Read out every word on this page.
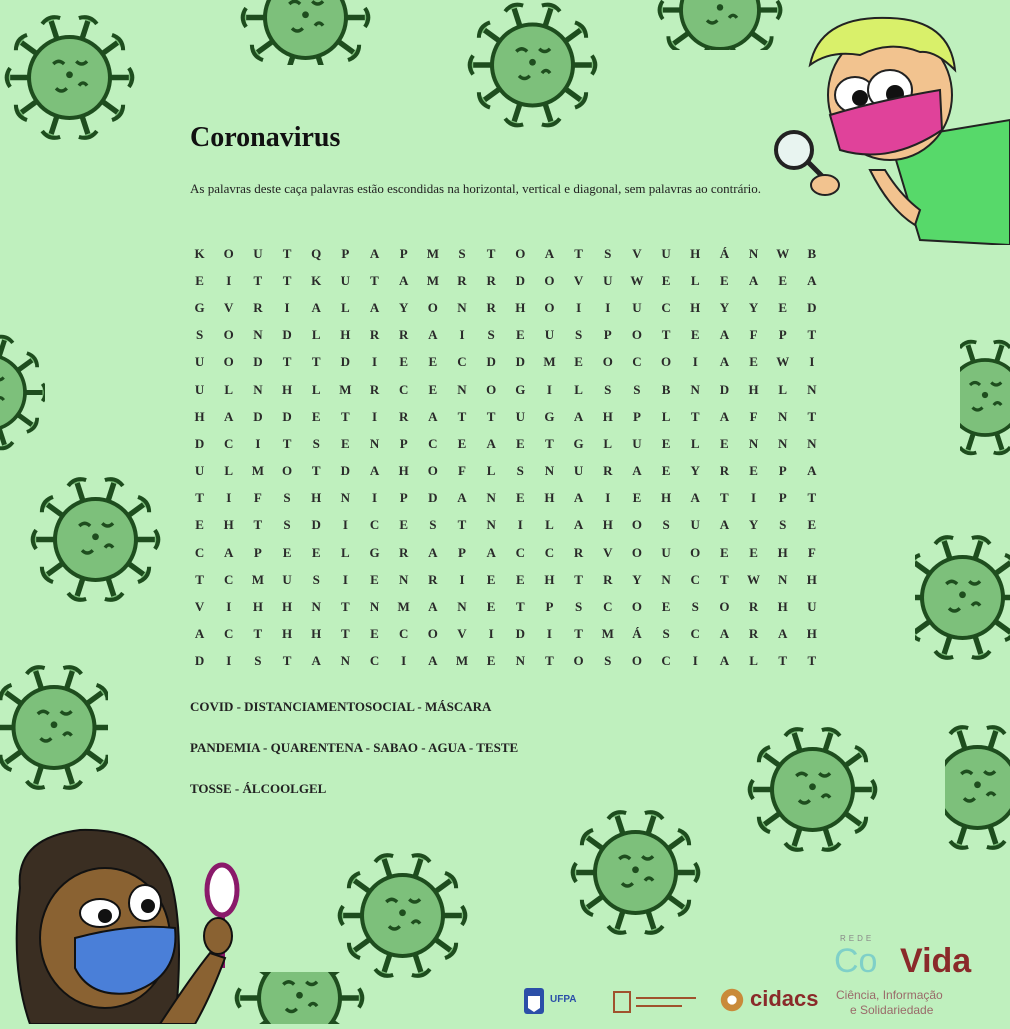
Coronavirus
As palavras deste caça palavras estão escondidas na horizontal, vertical e diagonal, sem palavras ao contrário.
K	O	U	T	Q	P	A	P	M	S	T	O	A	T	S	V	U	H	Á	N	W	B
E	I	T	T	K	U	T	A	M	R	R	D	O	V	U	W	E	L	E	A	E	A
G	V	R	I	A	L	A	Y	O	N	R	H	O	I	I	U	C	H	Y	Y	E	D
S	O	N	D	L	H	R	R	A	I	S	E	U	S	P	O	T	E	A	F	P	T
U	O	D	T	T	D	I	E	E	C	D	D	M	E	O	C	O	I	A	E	W	I
U	L	N	H	L	M	R	C	E	N	O	G	I	L	S	S	B	N	D	H	L	N
H	A	D	D	E	T	I	R	A	T	T	U	G	A	H	P	L	T	A	F	N	T
D	C	I	T	S	E	N	P	C	E	A	E	T	G	L	U	E	L	E	N	N	N
U	L	M	O	T	D	A	H	O	F	L	S	N	U	R	A	E	Y	R	E	P	A
T	I	F	S	H	N	I	P	D	A	N	E	H	A	I	E	H	A	T	I	P	T
E	H	T	S	D	I	C	E	S	T	N	I	L	A	H	O	S	U	A	Y	S	E
C	A	P	E	E	L	G	R	A	P	A	C	C	R	V	O	U	O	E	E	H	F
T	C	M	U	S	I	E	N	R	I	E	E	H	T	R	Y	N	C	T	W	N	H
V	I	H	H	N	T	N	M	A	N	E	T	P	S	C	O	E	S	O	R	H	U
A	C	T	H	H	T	E	C	O	V	I	D	I	T	M	Á	S	C	A	R	A	H
D	I	S	T	A	N	C	I	A	M	E	N	T	O	S	O	C	I	A	L	T	T
COVID - DISTANCIAMENTOSOCIAL - MÁSCARA
PANDEMIA - QUARENTENA - SABAO - AGUA - TESTE
TOSSE - ÁLCOOLGEL
UFPA	cidacs
REDE
Co Vida
Ciência, Informação
e Solidariedade
